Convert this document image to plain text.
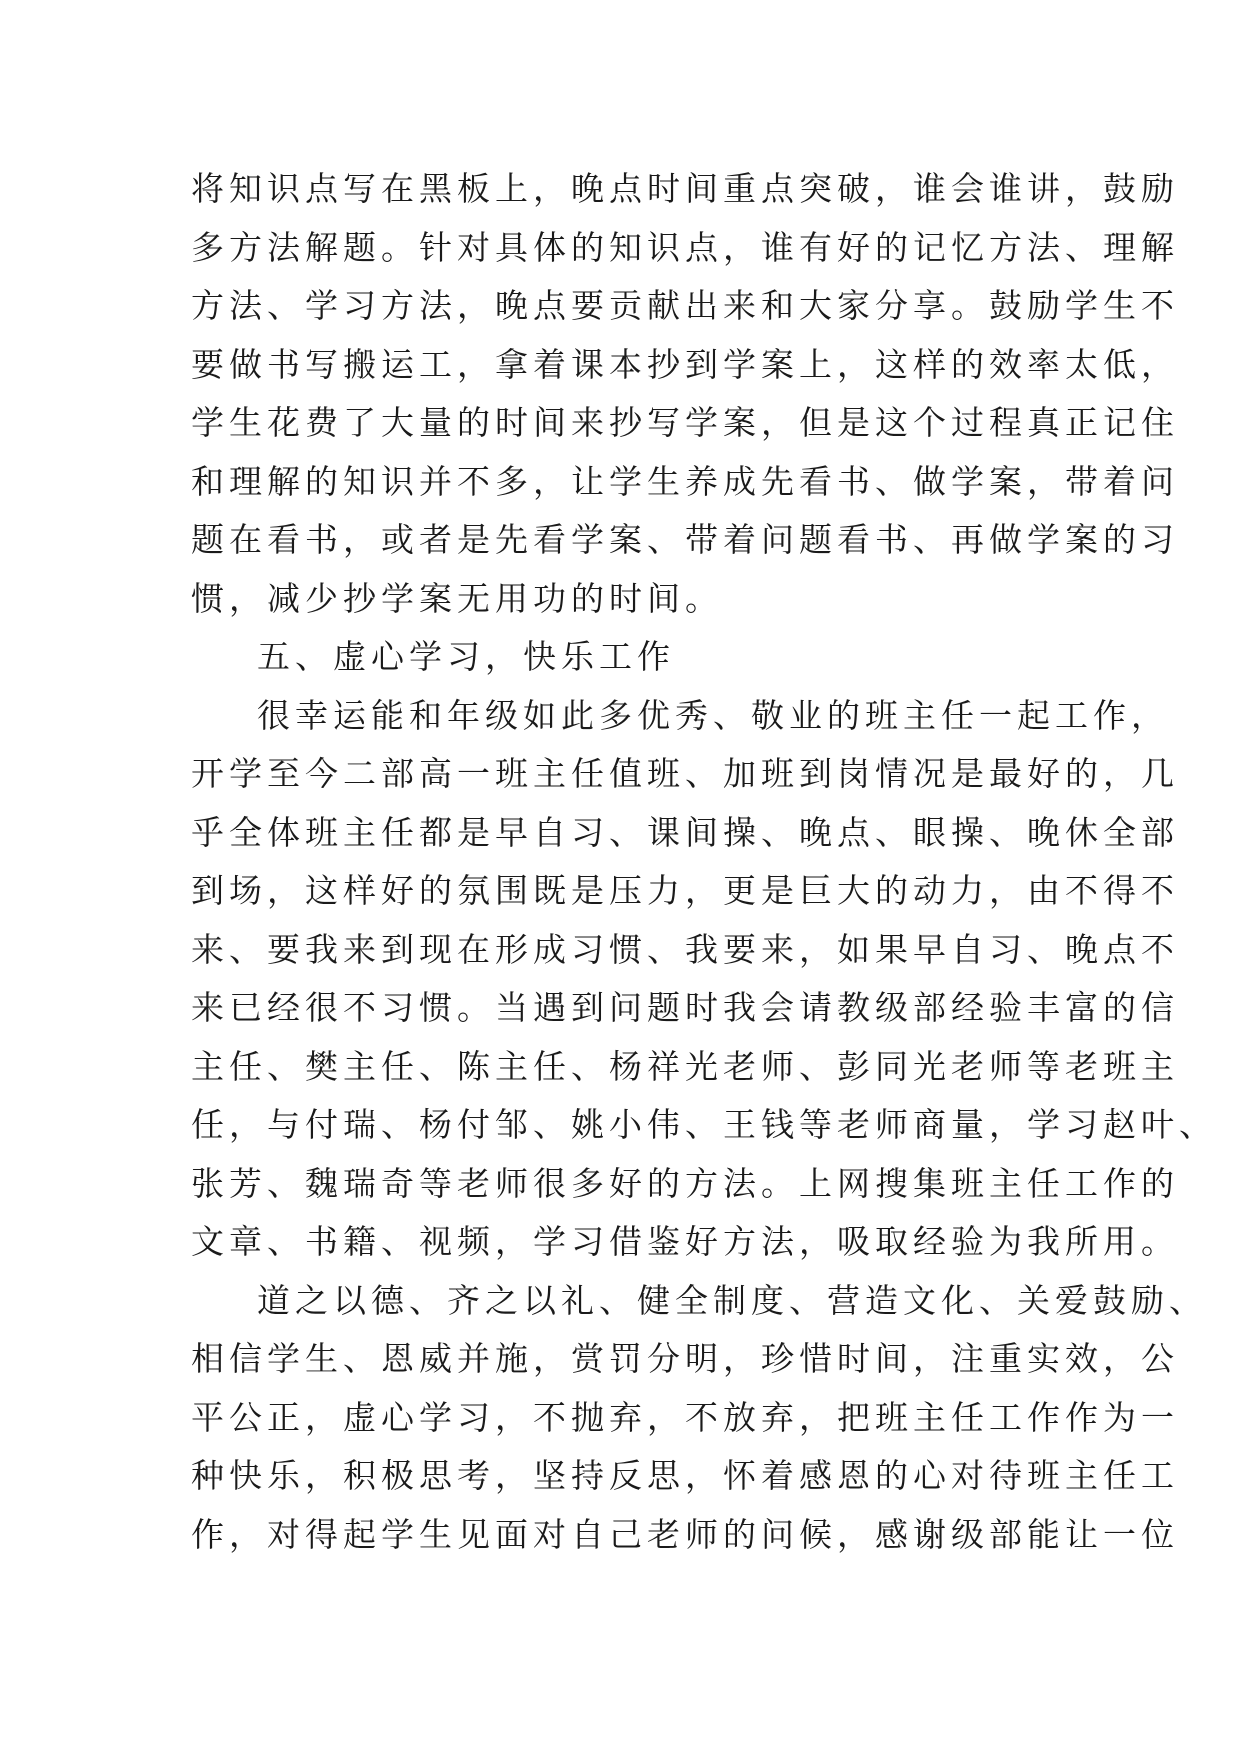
将知识点写在黑板上，晚点时间重点突破，谁会谁讲，鼓励
多方法解题。针对具体的知识点，谁有好的记忆方法、理解
方法、学习方法，晚点要贡献出来和大家分享。鼓励学生不
要做书写搬运工，拿着课本抄到学案上，这样的效率太低，
学生花费了大量的时间来抄写学案，但是这个过程真正记住
和理解的知识并不多，让学生养成先看书、做学案，带着问
题在看书，或者是先看学案、带着问题看书、再做学案的习
惯，减少抄学案无用功的时间。
五、虚心学习，快乐工作
很幸运能和年级如此多优秀、敬业的班主任一起工作，
开学至今二部高一班主任值班、加班到岗情况是最好的，几
乎全体班主任都是早自习、课间操、晚点、眼操、晚休全部
到场，这样好的氛围既是压力，更是巨大的动力，由不得不
来、要我来到现在形成习惯、我要来，如果早自习、晚点不
来已经很不习惯。当遇到问题时我会请教级部经验丰富的信
主任、樊主任、陈主任、杨祥光老师、彭同光老师等老班主
任，与付瑞、杨付邹、姚小伟、王钱等老师商量，学习赵叶、
张芳、魏瑞奇等老师很多好的方法。上网搜集班主任工作的
文章、书籍、视频，学习借鉴好方法，吸取经验为我所用。
道之以德、齐之以礼、健全制度、营造文化、关爱鼓励、
相信学生、恩威并施，赏罚分明，珍惜时间，注重实效，公
平公正，虚心学习，不抛弃，不放弃，把班主任工作作为一
种快乐，积极思考，坚持反思，怀着感恩的心对待班主任工
作，对得起学生见面对自己老师的问候，感谢级部能让一位
